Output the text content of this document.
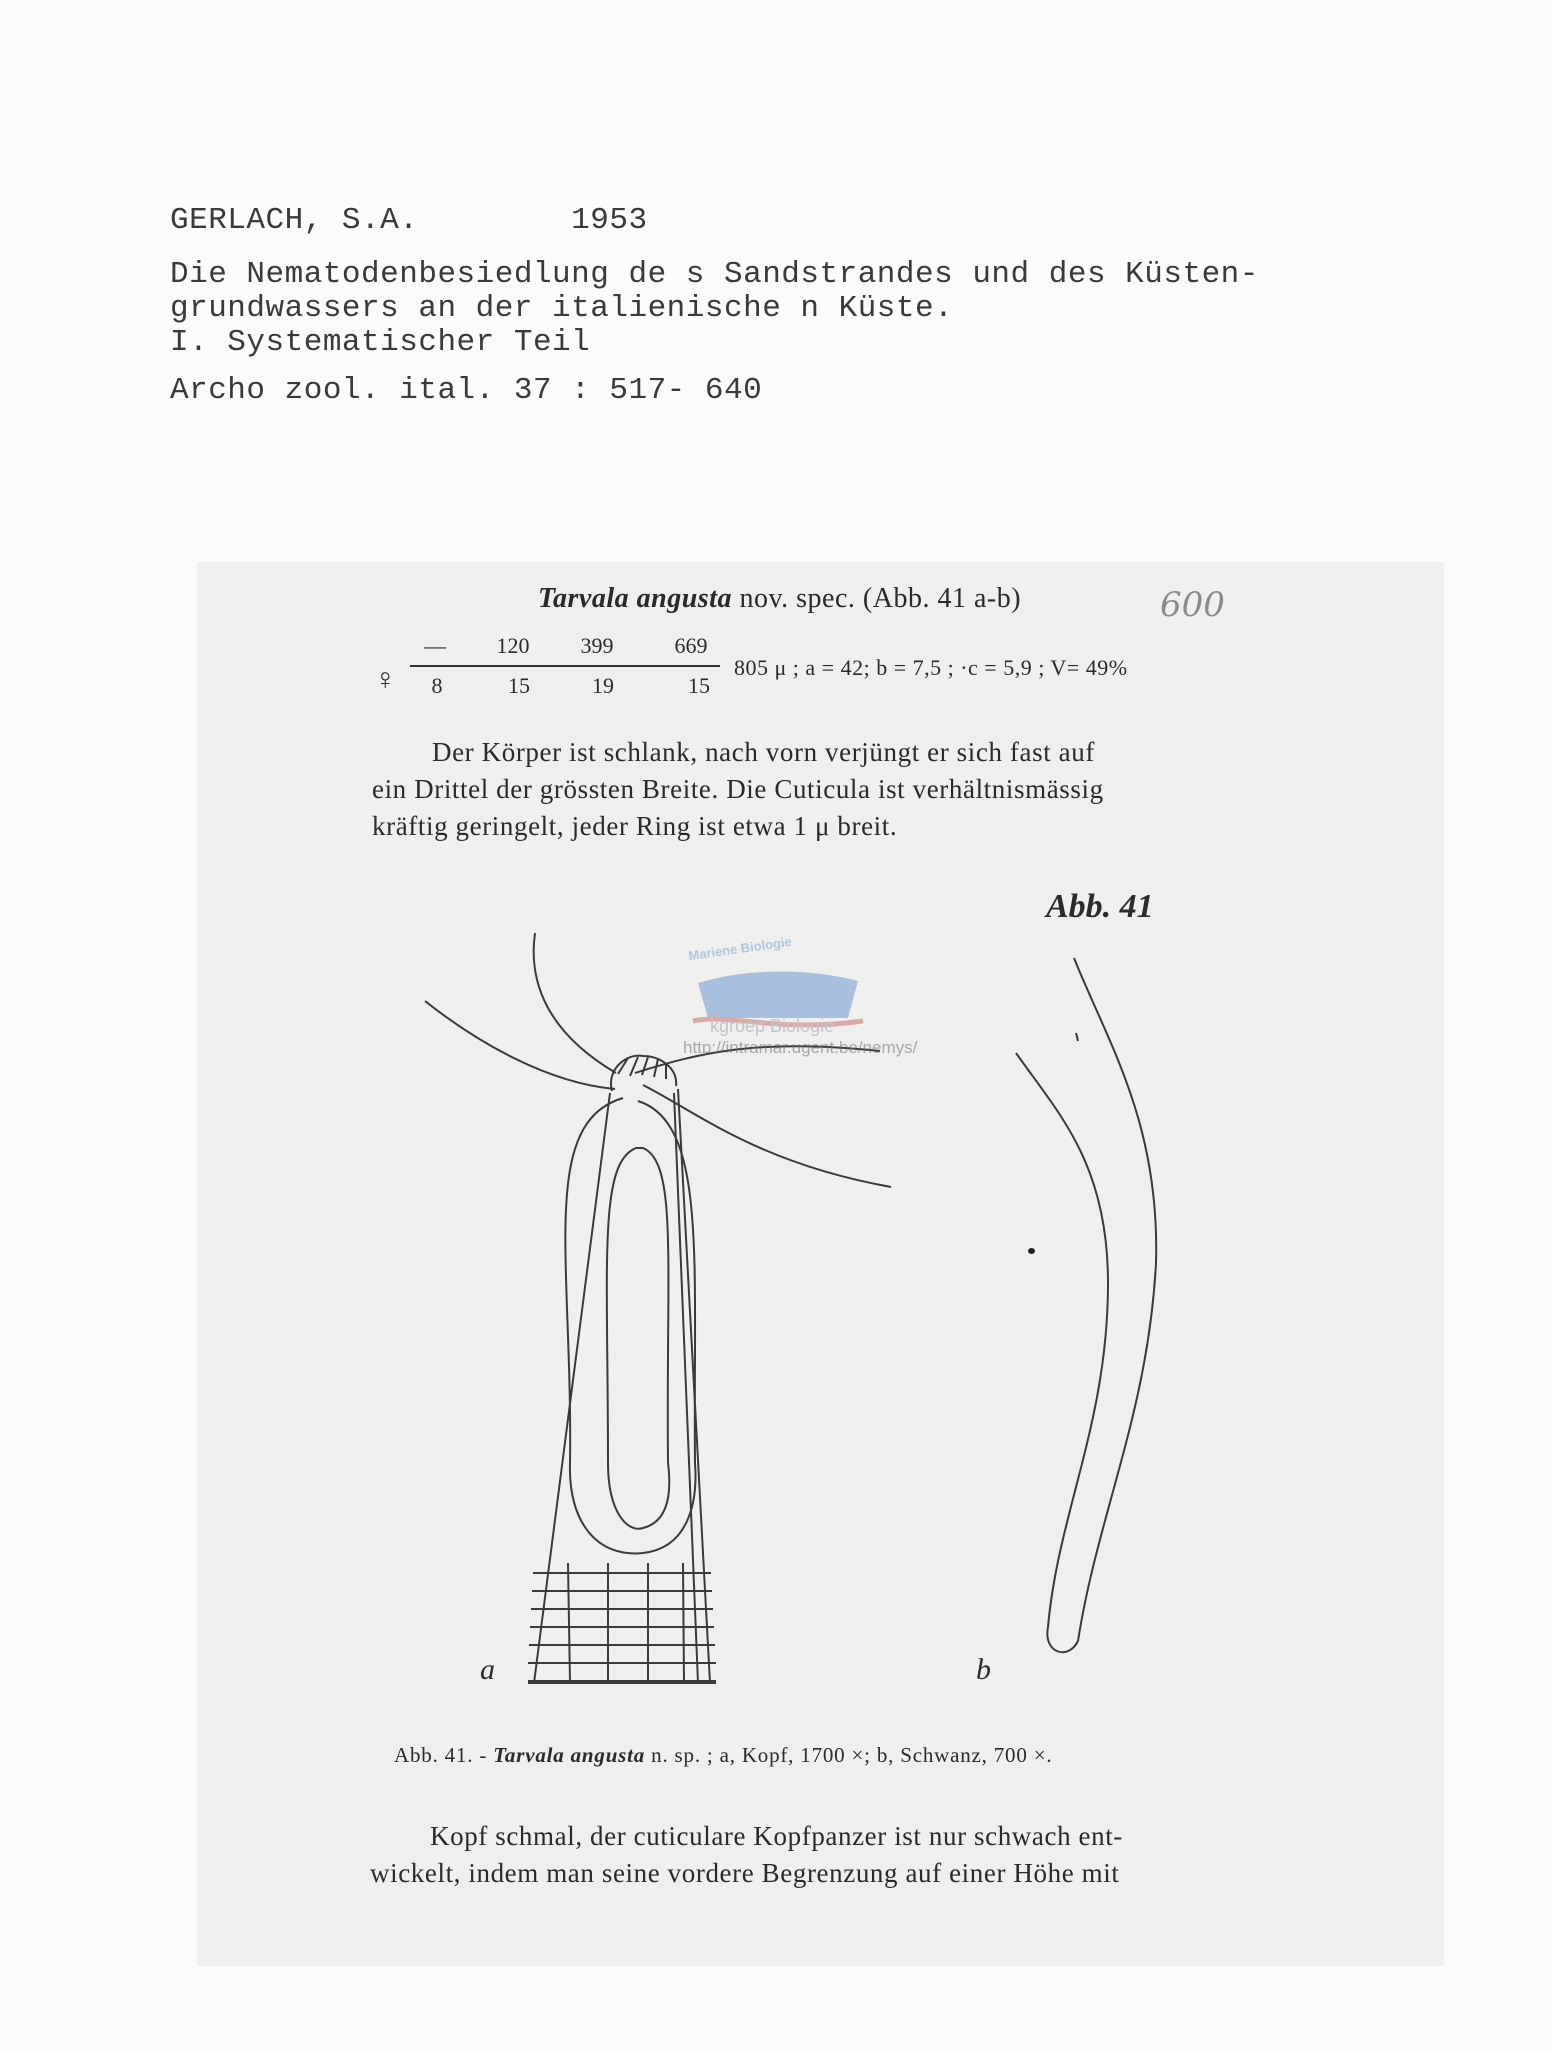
GERLACH, S.A.        1953
Die Nematodenbesiedlung de s Sandstrandes und des Küsten-
grundwassers an der italienische n Küste.
I. Systematischer Teil
Archo zool. ital. 37 : 517- 640
Tarvala angusta nov. spec. (Abb. 41 a-b)	600
♀
—	120	399	669
8	15	19	15
805 μ ; a = 42; b = 7,5 ; ·c = 5,9 ; V= 49%
Der Körper ist schlank, nach vorn verjüngt er sich fast auf
ein Drittel der grössten Breite. Die Cuticula ist verhältnismässig
kräftig geringelt, jeder Ring ist etwa 1 μ breit.
Abb. 41
a	b
Abb. 41. - Tarvala angusta n. sp. ; a, Kopf, 1700 ×; b, Schwanz, 700 ×.
Kopf schmal, der cuticulare Kopfpanzer ist nur schwach ent-
wickelt, indem man seine vordere Begrenzung auf einer Höhe mit
Mariene Biologie
kgroep Biologie
http://intramar.ugent.be/nemys/
